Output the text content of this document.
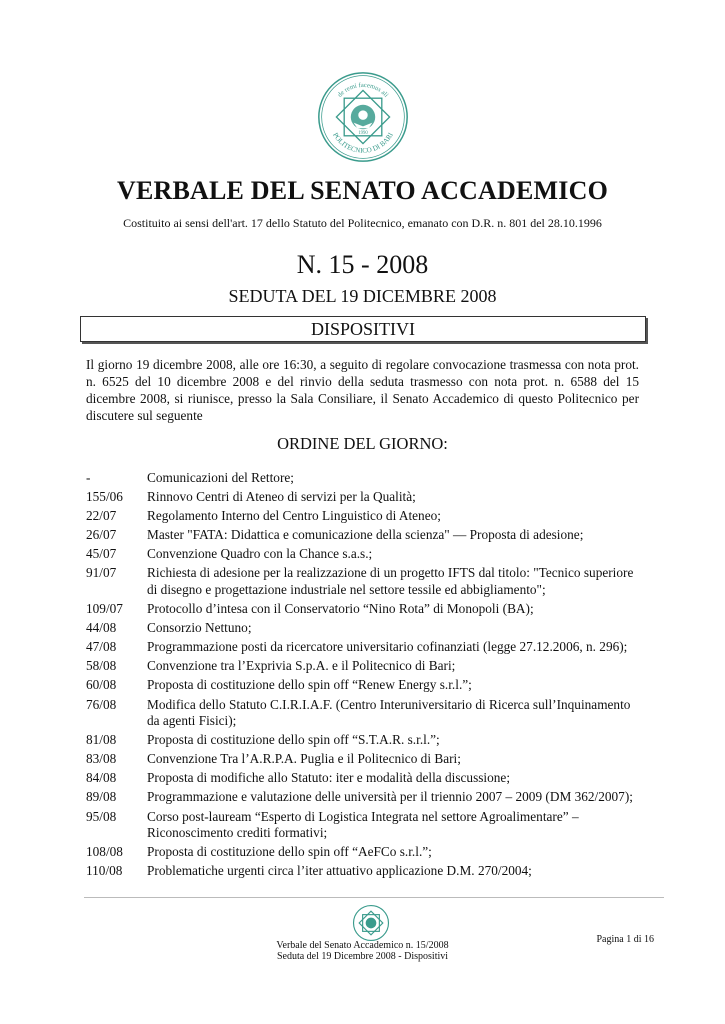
de remi facemus ali
POLITECNICO DI BARI
1990
VERBALE DEL SENATO ACCADEMICO
Costituito ai sensi dell'art. 17 dello Statuto del Politecnico, emanato con D.R. n. 801 del 28.10.1996
N. 15 - 2008
SEDUTA DEL 19 DICEMBRE 2008
DISPOSITIVI
Il giorno 19 dicembre 2008, alle ore 16:30, a seguito di regolare convocazione trasmessa con nota prot. n. 6525 del 10 dicembre 2008 e del rinvio della seduta trasmesso con nota prot. n. 6588 del 15 dicembre 2008, si riunisce, presso la Sala Consiliare, il Senato Accademico di questo Politecnico per discutere sul seguente
ORDINE DEL GIORNO:
-	Comunicazioni del Rettore;
155/06	Rinnovo Centri di Ateneo di servizi per la Qualità;
22/07	Regolamento Interno del Centro Linguistico di Ateneo;
26/07	Master "FATA: Didattica e comunicazione della scienza" — Proposta di adesione;
45/07	Convenzione Quadro con la Chance s.a.s.;
91/07	Richiesta di adesione per la realizzazione di un progetto IFTS dal titolo: "Tecnico superiore di disegno e progettazione industriale nel settore tessile ed abbigliamento";
109/07	Protocollo d’intesa con il Conservatorio “Nino Rota” di Monopoli (BA);
44/08	Consorzio Nettuno;
47/08	Programmazione posti da ricercatore universitario cofinanziati (legge 27.12.2006, n. 296);
58/08	Convenzione tra l’Exprivia S.p.A. e il Politecnico di Bari;
60/08	Proposta di costituzione dello spin off “Renew Energy s.r.l.”;
76/08	Modifica dello Statuto C.I.R.I.A.F. (Centro Interuniversitario di Ricerca sull’Inquinamento da agenti Fisici);
81/08	Proposta di costituzione dello spin off “S.T.A.R. s.r.l.”;
83/08	Convenzione Tra l’A.R.P.A. Puglia e il Politecnico di Bari;
84/08	Proposta di modifiche allo Statuto: iter e modalità della discussione;
89/08	Programmazione e valutazione delle università per il triennio 2007 – 2009 (DM 362/2007);
95/08	Corso post-lauream “Esperto di Logistica Integrata nel settore Agroalimentare” – Riconoscimento crediti formativi;
108/08	Proposta di costituzione dello spin off “AeFCo s.r.l.”;
110/08	Problematiche urgenti circa l’iter attuativo applicazione D.M. 270/2004;
Verbale del Senato Accademico n. 15/2008
Seduta del 19 Dicembre 2008 - Dispositivi
Pagina 1 di 16
